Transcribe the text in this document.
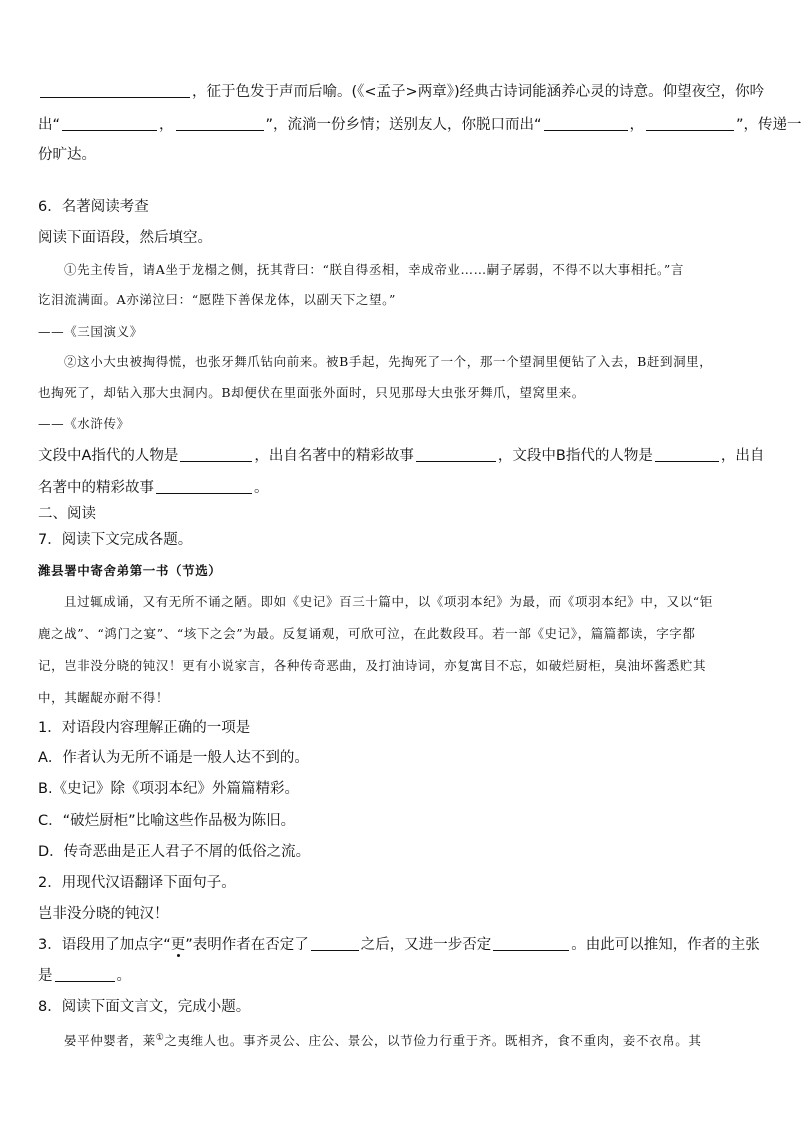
，征于色发于声而后喻。(《<孟子>两章》)经典古诗词能涵养心灵的诗意。仰望夜空，你吟
出“	，	”，流淌一份乡情；送别友人，你脱口而出“	，	”，传递一
份旷达。
6．名著阅读考查
阅读下面语段，然后填空。
①先主传旨，请A坐于龙榻之侧，抚其背曰：“朕自得丞相，幸成帝业……嗣子孱弱，不得不以大事相托。”言
讫泪流满面。A亦涕泣曰：“愿陛下善保龙体，以副天下之望。”
——《三国演义》
②这小大虫被掏得慌，也张牙舞爪钻向前来。被B手起，先掏死了一个，那一个望洞里便钻了入去，B赶到洞里，
也掏死了，却钻入那大虫洞内。B却便伏在里面张外面时，只见那母大虫张牙舞爪，望窝里来。
——《水浒传》
文段中A指代的人物是	，出自名著中的精彩故事	，文段中B指代的人物是	，出自
名著中的精彩故事	。
二、阅读
7．阅读下文完成各题。
潍县署中寄舍弟第一书（节选）
且过辄成诵，又有无所不诵之陋。即如《史记》百三十篇中，以《项羽本纪》为最，而《项羽本纪》中，又以“钜
鹿之战”、“鸿门之宴”、“垓下之会”为最。反复诵观，可欣可泣，在此数段耳。若一部《史记》，篇篇都读，字字都
记，岂非没分晓的钝汉！更有小说家言，各种传奇恶曲，及打油诗词，亦复寓目不忘，如破烂厨柜，臭油坏酱悉贮其
中，其龌龊亦耐不得！
1．对语段内容理解正确的一项是
A．作者认为无所不诵是一般人达不到的。
B.《史记》除《项羽本纪》外篇篇精彩。
C．“破烂厨柜”比喻这些作品极为陈旧。
D．传奇恶曲是正人君子不屑的低俗之流。
2．用现代汉语翻译下面句子。
岂非没分晓的钝汉！
3．语段用了加点字“更”表明作者在否定了	之后，又进一步否定	。由此可以推知，作者的主张
是	。
8．阅读下面文言文，完成小题。
晏平仲婴者，莱①之夷维人也。事齐灵公、庄公、景公，以节俭力行重于齐。既相齐，食不重肉，妾不衣帛。其
